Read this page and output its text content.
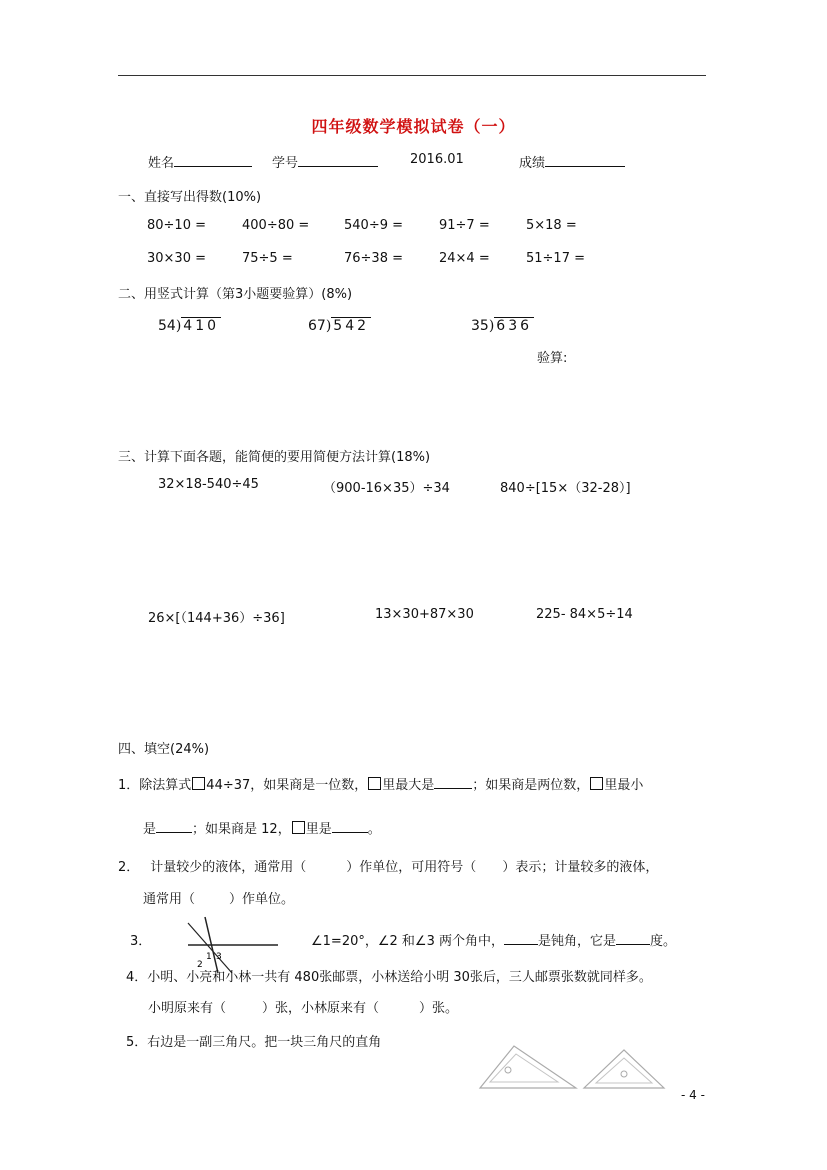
四年级数学模拟试卷（一）
姓名	学号	2016.01	成绩
一、直接写出得数(10%)
80÷10 =	400÷80 =	540÷9 =	91÷7 =	5×18 =
30×30 =	75÷5 =	76÷38 =	24×4 =	51÷17 =
二、用竖式计算（第3小题要验算）(8%)
54) 410	67) 542	35) 636
验算:
三、计算下面各题，能简便的要用简便方法计算(18%)
32×18-540÷45	（900-16×35）÷34	840÷[15×（32-28）]
26×[（144+36）÷36]	13×30+87×30	225- 84×5÷14
四、填空(24%)
1．除法算式 44÷37，如果商是一位数， 里最大是	；如果商是两位数， 里最小
是	；如果商是 12， 里是	。
2． 计量较少的液体，通常用（	）作单位，可用符号（ ）表示；计量较多的液体，
通常用（	）作单位。
3．
2
1 3
∠1=20°，∠2 和∠3 两个角中，	是钝角，它是	度。
4．小明、小亮和小林一共有 480张邮票，小林送给小明 30张后，三人邮票张数就同样多。
小明原来有（	）张，小林原来有（	）张。
5．右边是一副三角尺。把一块三角尺的直角
- 4 -
